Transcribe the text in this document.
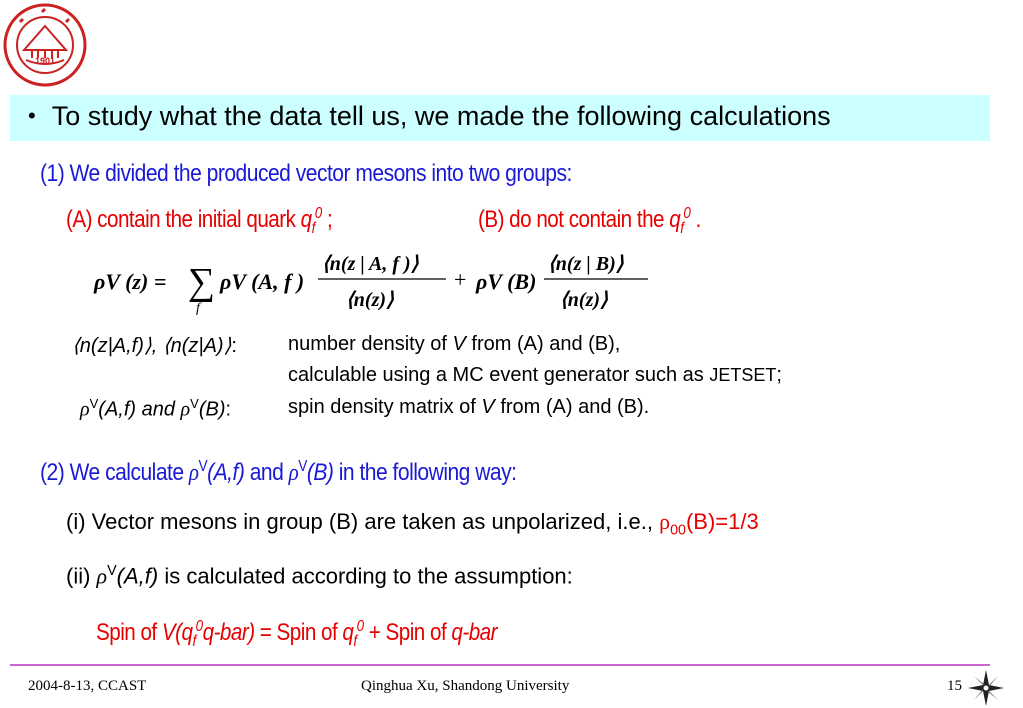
1901
• To study what the data tell us, we made the following calculations
(1) We divided the produced vector mesons into two groups:
(A) contain the initial quark $q_f^0$ ;	(B) do not contain the $q_f^0$ .
ρV (z) = ∑
f
ρV (A, f )
⟨n(z | A, f )⟩
⟨n(z)⟩
+ ρV (B)
⟨n(z | B)⟩
⟨n(z)⟩
⟨n(z|A,f)⟩, ⟨n(z|A)⟩:	number density of V from (A) and (B),
calculable using a MC event generator such as JETSET;
$\rho^V(A,f)$ and $\rho^V(B)$:	spin density matrix of V from (A) and (B).
(2) We calculate $\rho^V(A,f)$ and $\rho^V(B)$ in the following way:
(i) Vector mesons in group (B) are taken as unpolarized, i.e., $\rho_{00}(B)=1/3$
(ii) $\rho^V(A,f)$ is calculated according to the assumption:
Spin of $V(q_f^0q-bar)$ = Spin of $q_f^0$ + Spin of q-bar
2004-8-13, CCAST	Qinghua Xu, Shandong University	15
